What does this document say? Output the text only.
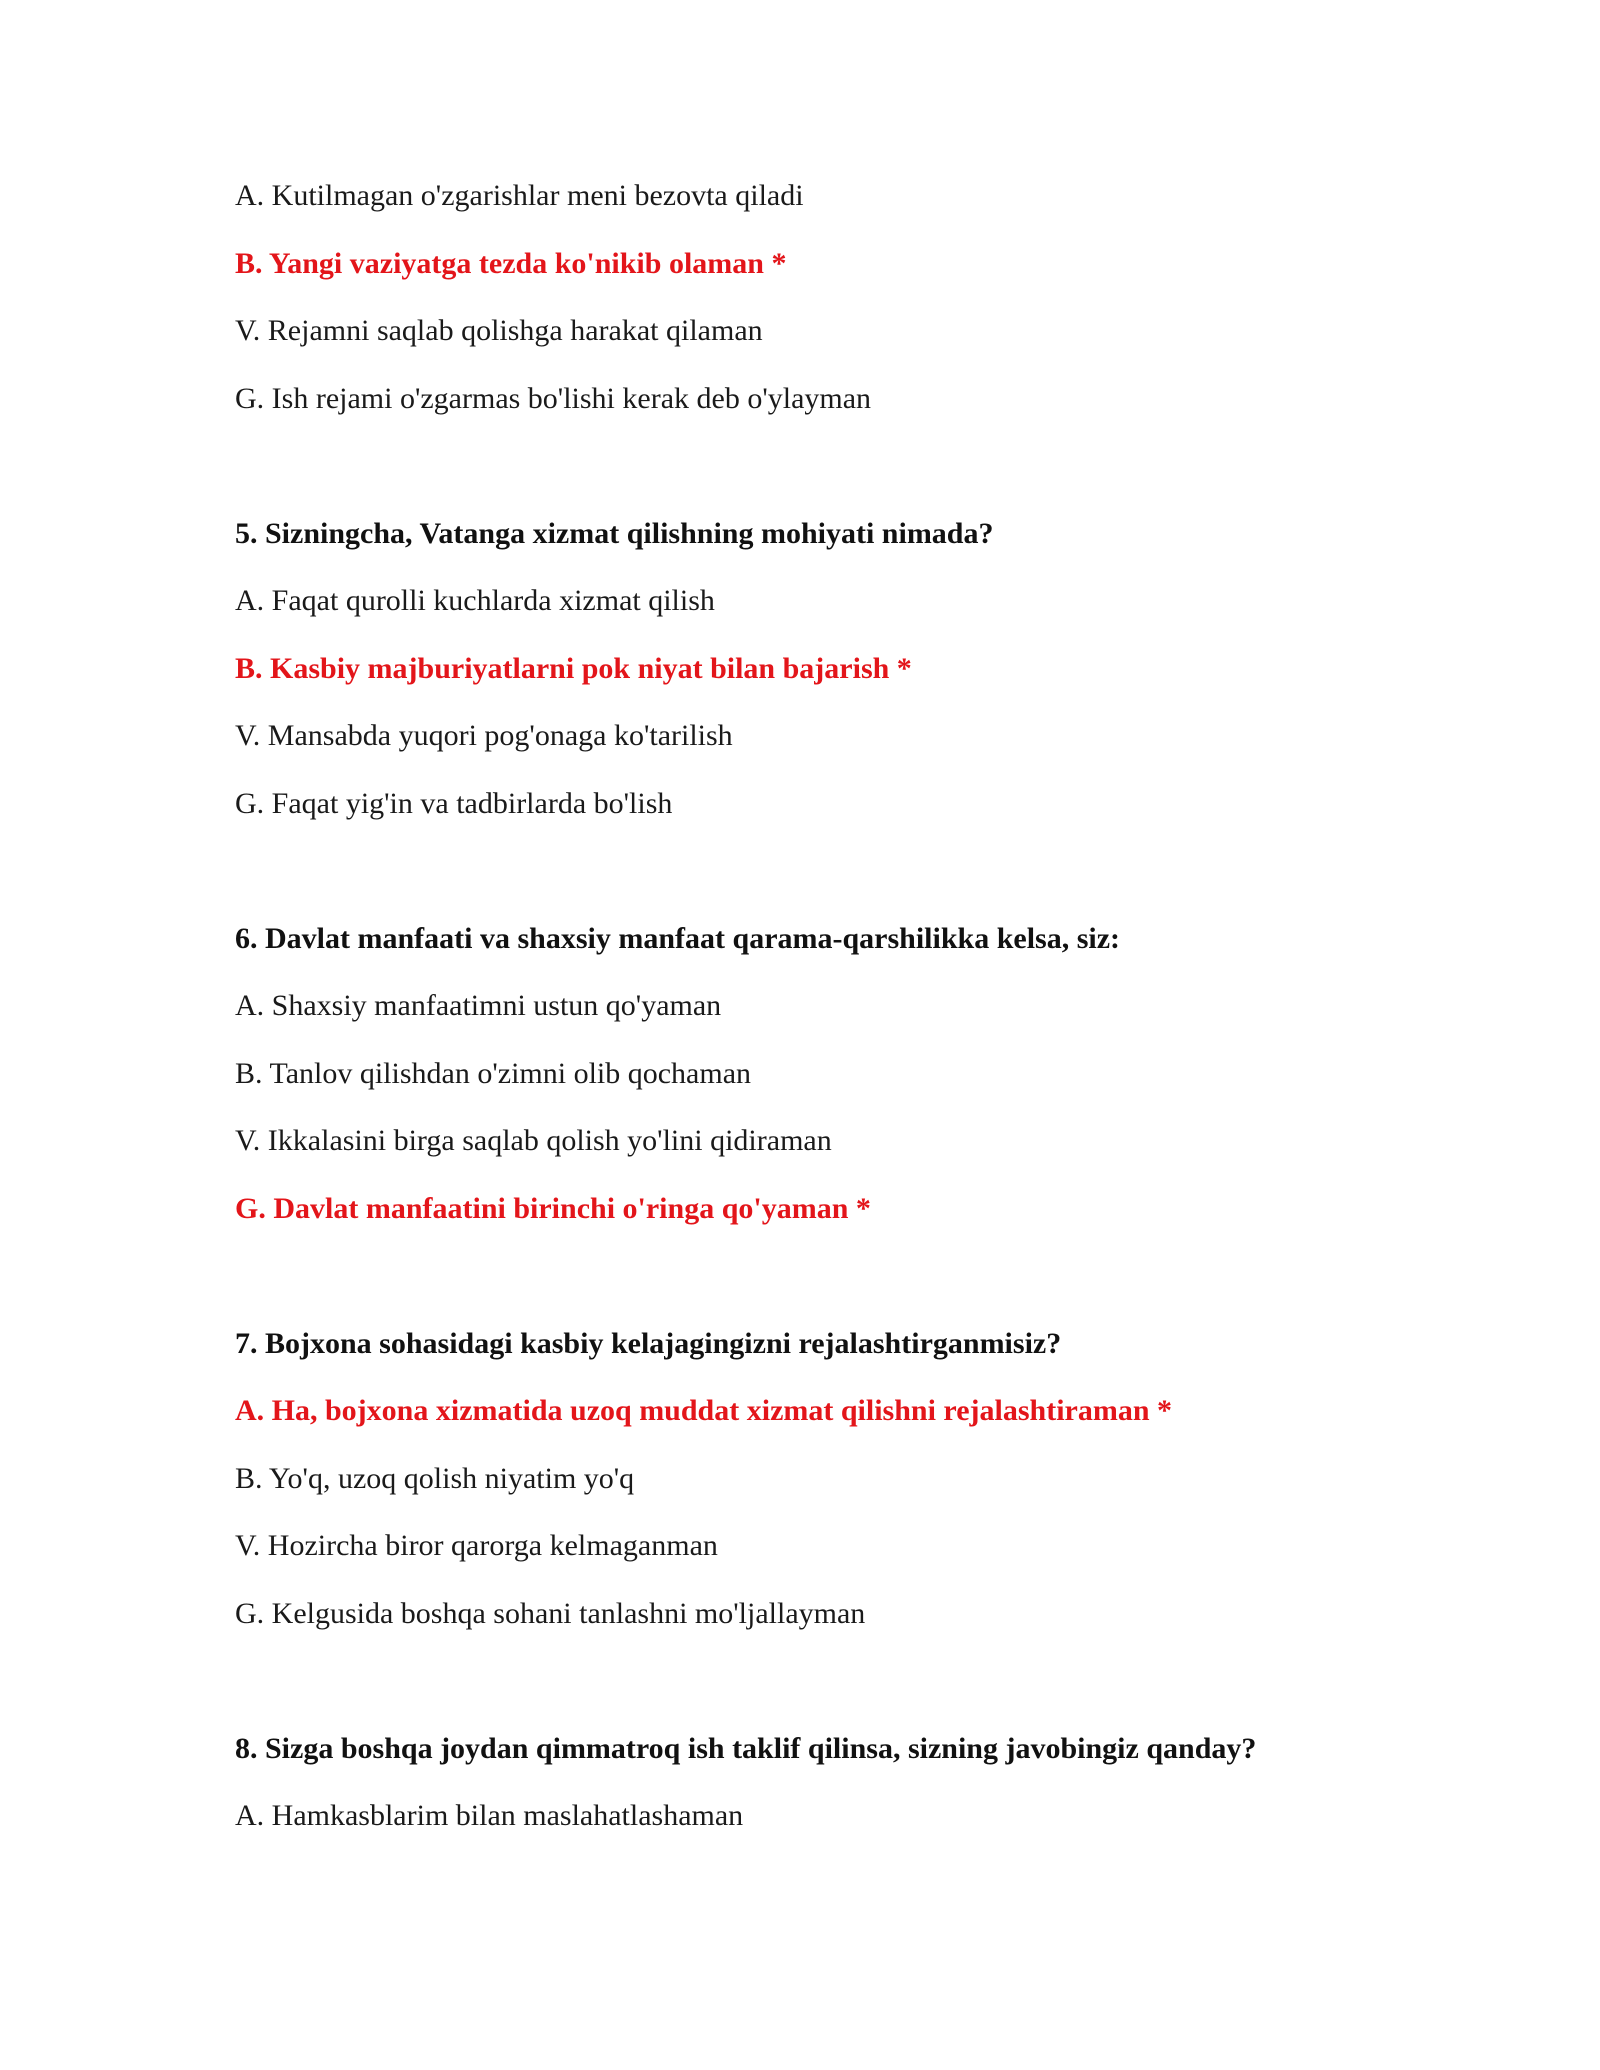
A. Kutilmagan o'zgarishlar meni bezovta qiladi
B. Yangi vaziyatga tezda ko'nikib olaman *
V. Rejamni saqlab qolishga harakat qilaman
G. Ish rejami o'zgarmas bo'lishi kerak deb o'ylayman
5. Sizningcha, Vatanga xizmat qilishning mohiyati nimada?
A. Faqat qurolli kuchlarda xizmat qilish
B. Kasbiy majburiyatlarni pok niyat bilan bajarish *
V. Mansabda yuqori pog'onaga ko'tarilish
G. Faqat yig'in va tadbirlarda bo'lish
6. Davlat manfaati va shaxsiy manfaat qarama-qarshilikka kelsa, siz:
A. Shaxsiy manfaatimni ustun qo'yaman
B. Tanlov qilishdan o'zimni olib qochaman
V. Ikkalasini birga saqlab qolish yo'lini qidiraman
G. Davlat manfaatini birinchi o'ringa qo'yaman *
7. Bojxona sohasidagi kasbiy kelajagingizni rejalashtirganmisiz?
A. Ha, bojxona xizmatida uzoq muddat xizmat qilishni rejalashtiraman *
B. Yo'q, uzoq qolish niyatim yo'q
V. Hozircha biror qarorga kelmaganman
G. Kelgusida boshqa sohani tanlashni mo'ljallayman
8. Sizga boshqa joydan qimmatroq ish taklif qilinsa, sizning javobingiz qanday?
A. Hamkasblarim bilan maslahatlashaman
